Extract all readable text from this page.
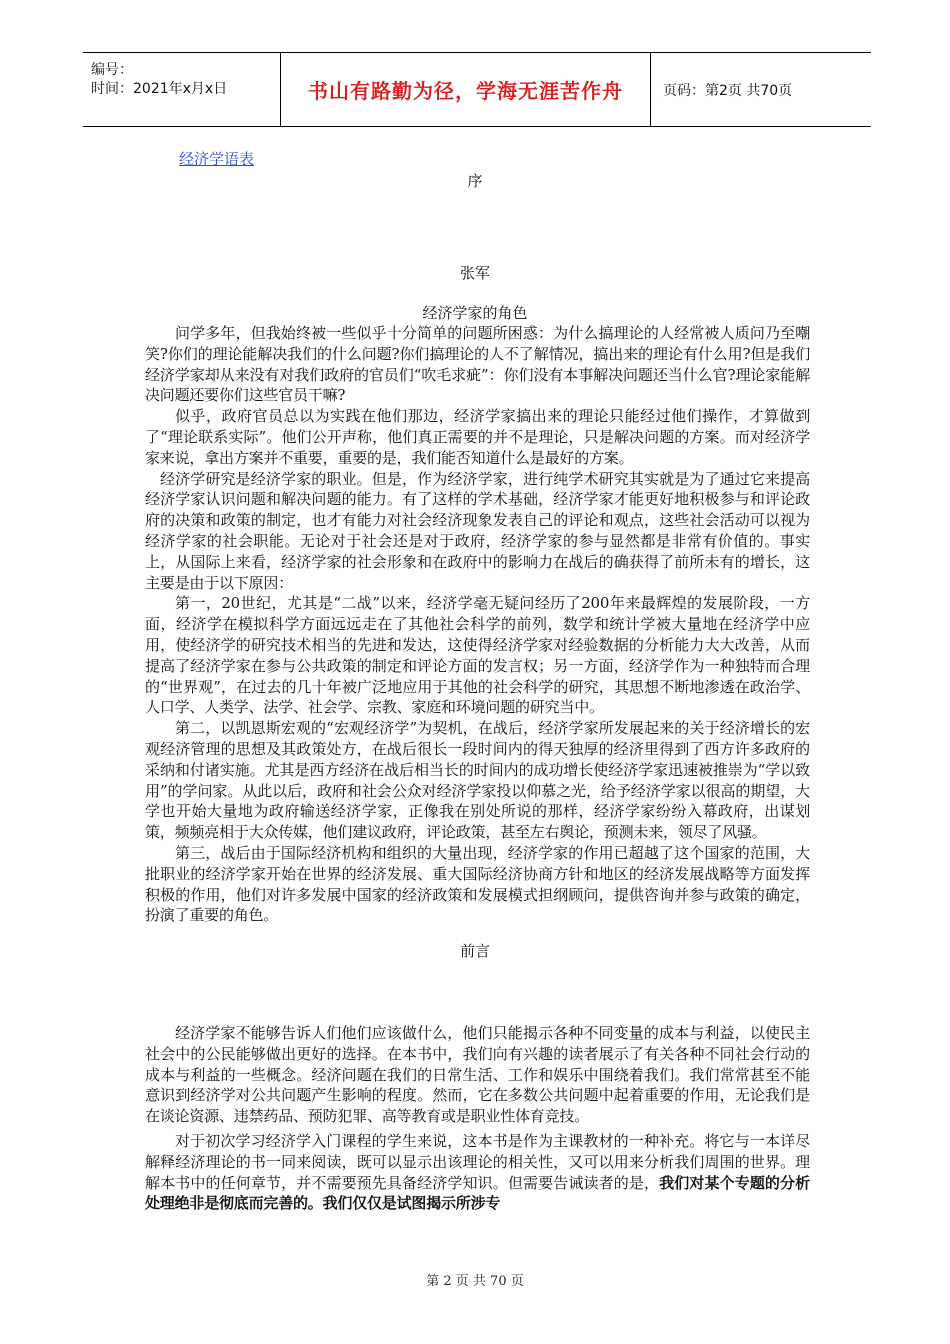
编号：
时间：2021年x月x日	书山有路勤为径，学海无涯苦作舟	页码：第2页 共70页
经济学语表
序
张军
经济学家的角色

问学多年，但我始终被一些似乎十分简单的问题所困惑：为什么搞理论的人经常被人质问乃至嘲笑?你们的理论能解决我们的什么问题?你们搞理论的人不了解情况，搞出来的理论有什么用?但是我们经济学家却从来没有对我们政府的官员们“吹毛求疵”：你们没有本事解决问题还当什么官?理论家能解决问题还要你们这些官员干嘛?

似乎，政府官员总以为实践在他们那边，经济学家搞出来的理论只能经过他们操作，才算做到了“理论联系实际”。他们公开声称，他们真正需要的并不是理论，只是解决问题的方案。而对经济学家来说，拿出方案并不重要，重要的是，我们能否知道什么是最好的方案。

经济学研究是经济学家的职业。但是，作为经济学家，进行纯学术研究其实就是为了通过它来提高经济学家认识问题和解决问题的能力。有了这样的学术基础，经济学家才能更好地积极参与和评论政府的决策和政策的制定，也才有能力对社会经济现象发表自己的评论和观点，这些社会活动可以视为经济学家的社会职能。无论对于社会还是对于政府，经济学家的参与显然都是非常有价值的。事实上，从国际上来看，经济学家的社会形象和在政府中的影响力在战后的确获得了前所未有的增长，这主要是由于以下原因：

第一，20世纪，尤其是“二战”以来，经济学毫无疑问经历了200年来最辉煌的发展阶段，一方面，经济学在模拟科学方面远远走在了其他社会科学的前列，数学和统计学被大量地在经济学中应用，使经济学的研究技术相当的先进和发达，这使得经济学家对经验数据的分析能力大大改善，从而提高了经济学家在参与公共政策的制定和评论方面的发言权；另一方面，经济学作为一种独特而合理的“世界观”，在过去的几十年被广泛地应用于其他的社会科学的研究，其思想不断地渗透在政治学、人口学、人类学、法学、社会学、宗教、家庭和环境问题的研究当中。

第二，以凯恩斯宏观的“宏观经济学”为契机，在战后，经济学家所发展起来的关于经济增长的宏观经济管理的思想及其政策处方，在战后很长一段时间内的得天独厚的经济里得到了西方许多政府的采纳和付诸实施。尤其是西方经济在战后相当长的时间内的成功增长使经济学家迅速被推崇为“学以致用”的学问家。从此以后，政府和社会公众对经济学家投以仰慕之光，给予经济学家以很高的期望，大学也开始大量地为政府输送经济学家，正像我在别处所说的那样，经济学家纷纷入幕政府，出谋划策，频频亮相于大众传媒，他们建议政府，评论政策，甚至左右舆论，预测未来，领尽了风骚。

第三，战后由于国际经济机构和组织的大量出现，经济学家的作用已超越了这个国家的范围，大批职业的经济学家开始在世界的经济发展、重大国际经济协商方针和地区的经济发展战略等方面发挥积极的作用，他们对许多发展中国家的经济政策和发展模式担纲顾问，提供咨询并参与政策的确定，扮演了重要的角色。

前言

经济学家不能够告诉人们他们应该做什么，他们只能揭示各种不同变量的成本与利益，以使民主社会中的公民能够做出更好的选择。在本书中，我们向有兴趣的读者展示了有关各种不同社会行动的成本与利益的一些概念。经济问题在我们的日常生活、工作和娱乐中围绕着我们。我们常常甚至不能意识到经济学对公共问题产生影响的程度。然而，它在多数公共问题中起着重要的作用，无论我们是在谈论资源、违禁药品、预防犯罪、高等教育或是职业性体育竞技。

对于初次学习经济学入门课程的学生来说，这本书是作为主课教材的一种补充。将它与一本详尽解释经济理论的书一同来阅读，既可以显示出该理论的相关性，又可以用来分析我们周围的世界。理解本书中的任何章节，并不需要预先具备经济学知识。但需要告诫读者的是，我们对某个专题的分析处理绝非是彻底而完善的。我们仅仅是试图揭示所涉专

第 2 页 共 70 页
